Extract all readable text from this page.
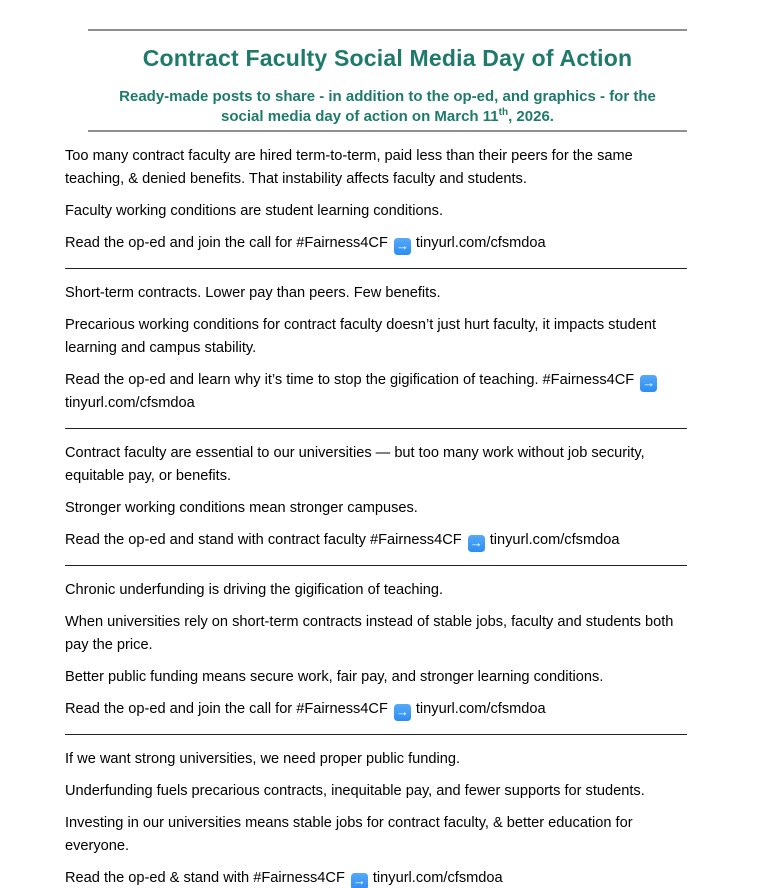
Contract Faculty Social Media Day of Action

Ready-made posts to share - in addition to the op-ed, and graphics - for the social media day of action on March 11th, 2026.

Too many contract faculty are hired term-to-term, paid less than their peers for the same teaching, & denied benefits. That instability affects faculty and students.

Faculty working conditions are student learning conditions.

Read the op-ed and join the call for #Fairness4CF → tinyurl.com/cfsmdoa

Short-term contracts. Lower pay than peers. Few benefits.

Precarious working conditions for contract faculty doesn’t just hurt faculty, it impacts student learning and campus stability.

Read the op-ed and learn why it’s time to stop the gigification of teaching. #Fairness4CF →tinyurl.com/cfsmdoa

Contract faculty are essential to our universities — but too many work without job security, equitable pay, or benefits.

Stronger working conditions mean stronger campuses.

Read the op-ed and stand with contract faculty #Fairness4CF → tinyurl.com/cfsmdoa

Chronic underfunding is driving the gigification of teaching.

When universities rely on short-term contracts instead of stable jobs, faculty and students both pay the price.

Better public funding means secure work, fair pay, and stronger learning conditions.

Read the op-ed and join the call for #Fairness4CF → tinyurl.com/cfsmdoa

If we want strong universities, we need proper public funding.

Underfunding fuels precarious contracts, inequitable pay, and fewer supports for students.

Investing in our universities means stable jobs for contract faculty, & better education for everyone.

Read the op-ed & stand with #Fairness4CF → tinyurl.com/cfsmdoa
